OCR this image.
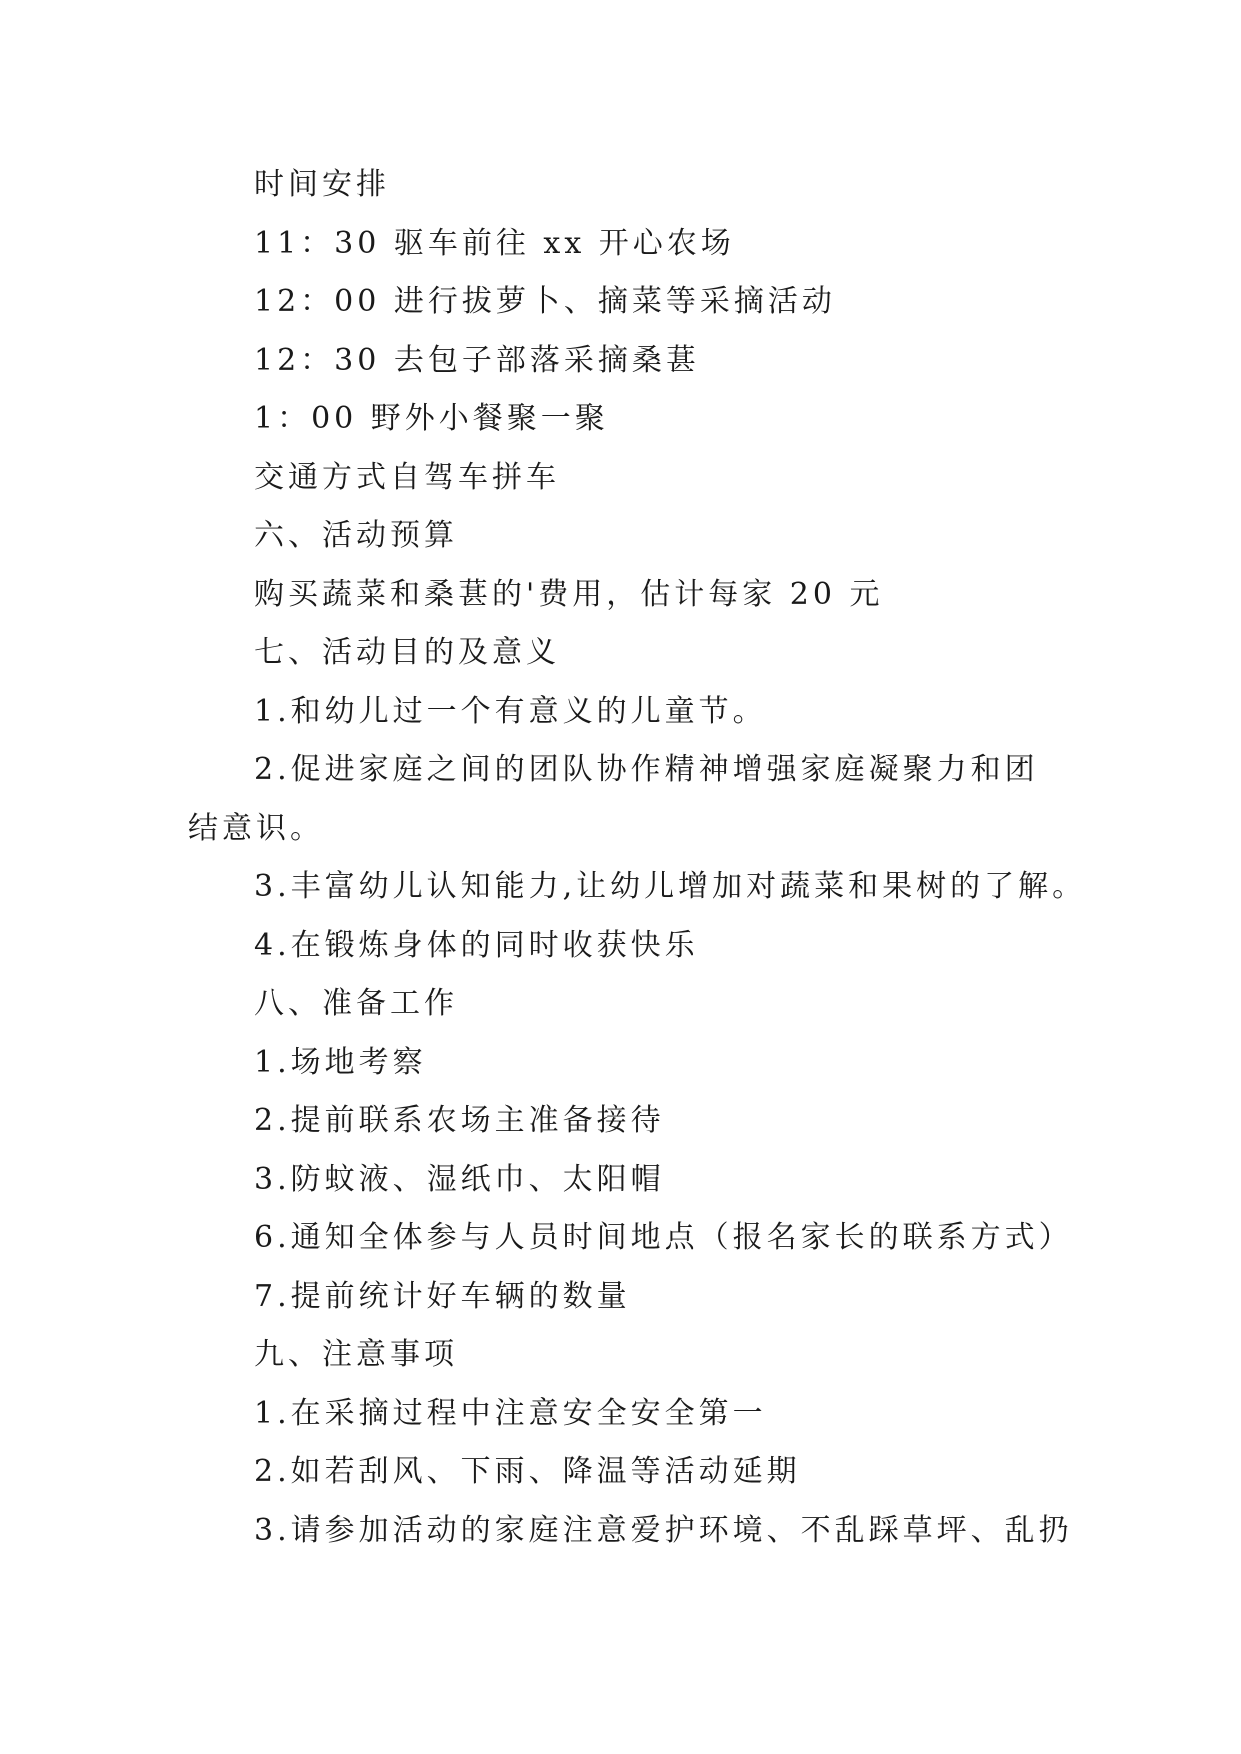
时间安排

11：30 驱车前往 xx 开心农场

12：00 进行拔萝卜、摘菜等采摘活动

12：30 去包子部落采摘桑葚

1：00 野外小餐聚一聚

交通方式自驾车拼车

六、活动预算

购买蔬菜和桑葚的'费用，估计每家 20 元

七、活动目的及意义

1.和幼儿过一个有意义的儿童节。

2.促进家庭之间的团队协作精神增强家庭凝聚力和团

结意识。

3.丰富幼儿认知能力,让幼儿增加对蔬菜和果树的了解。

4.在锻炼身体的同时收获快乐

八、准备工作

1.场地考察

2.提前联系农场主准备接待

3.防蚊液、湿纸巾、太阳帽

6.通知全体参与人员时间地点（报名家长的联系方式）

7.提前统计好车辆的数量

九、注意事项

1.在采摘过程中注意安全安全第一

2.如若刮风、下雨、降温等活动延期

3.请参加活动的家庭注意爱护环境、不乱踩草坪、乱扔
